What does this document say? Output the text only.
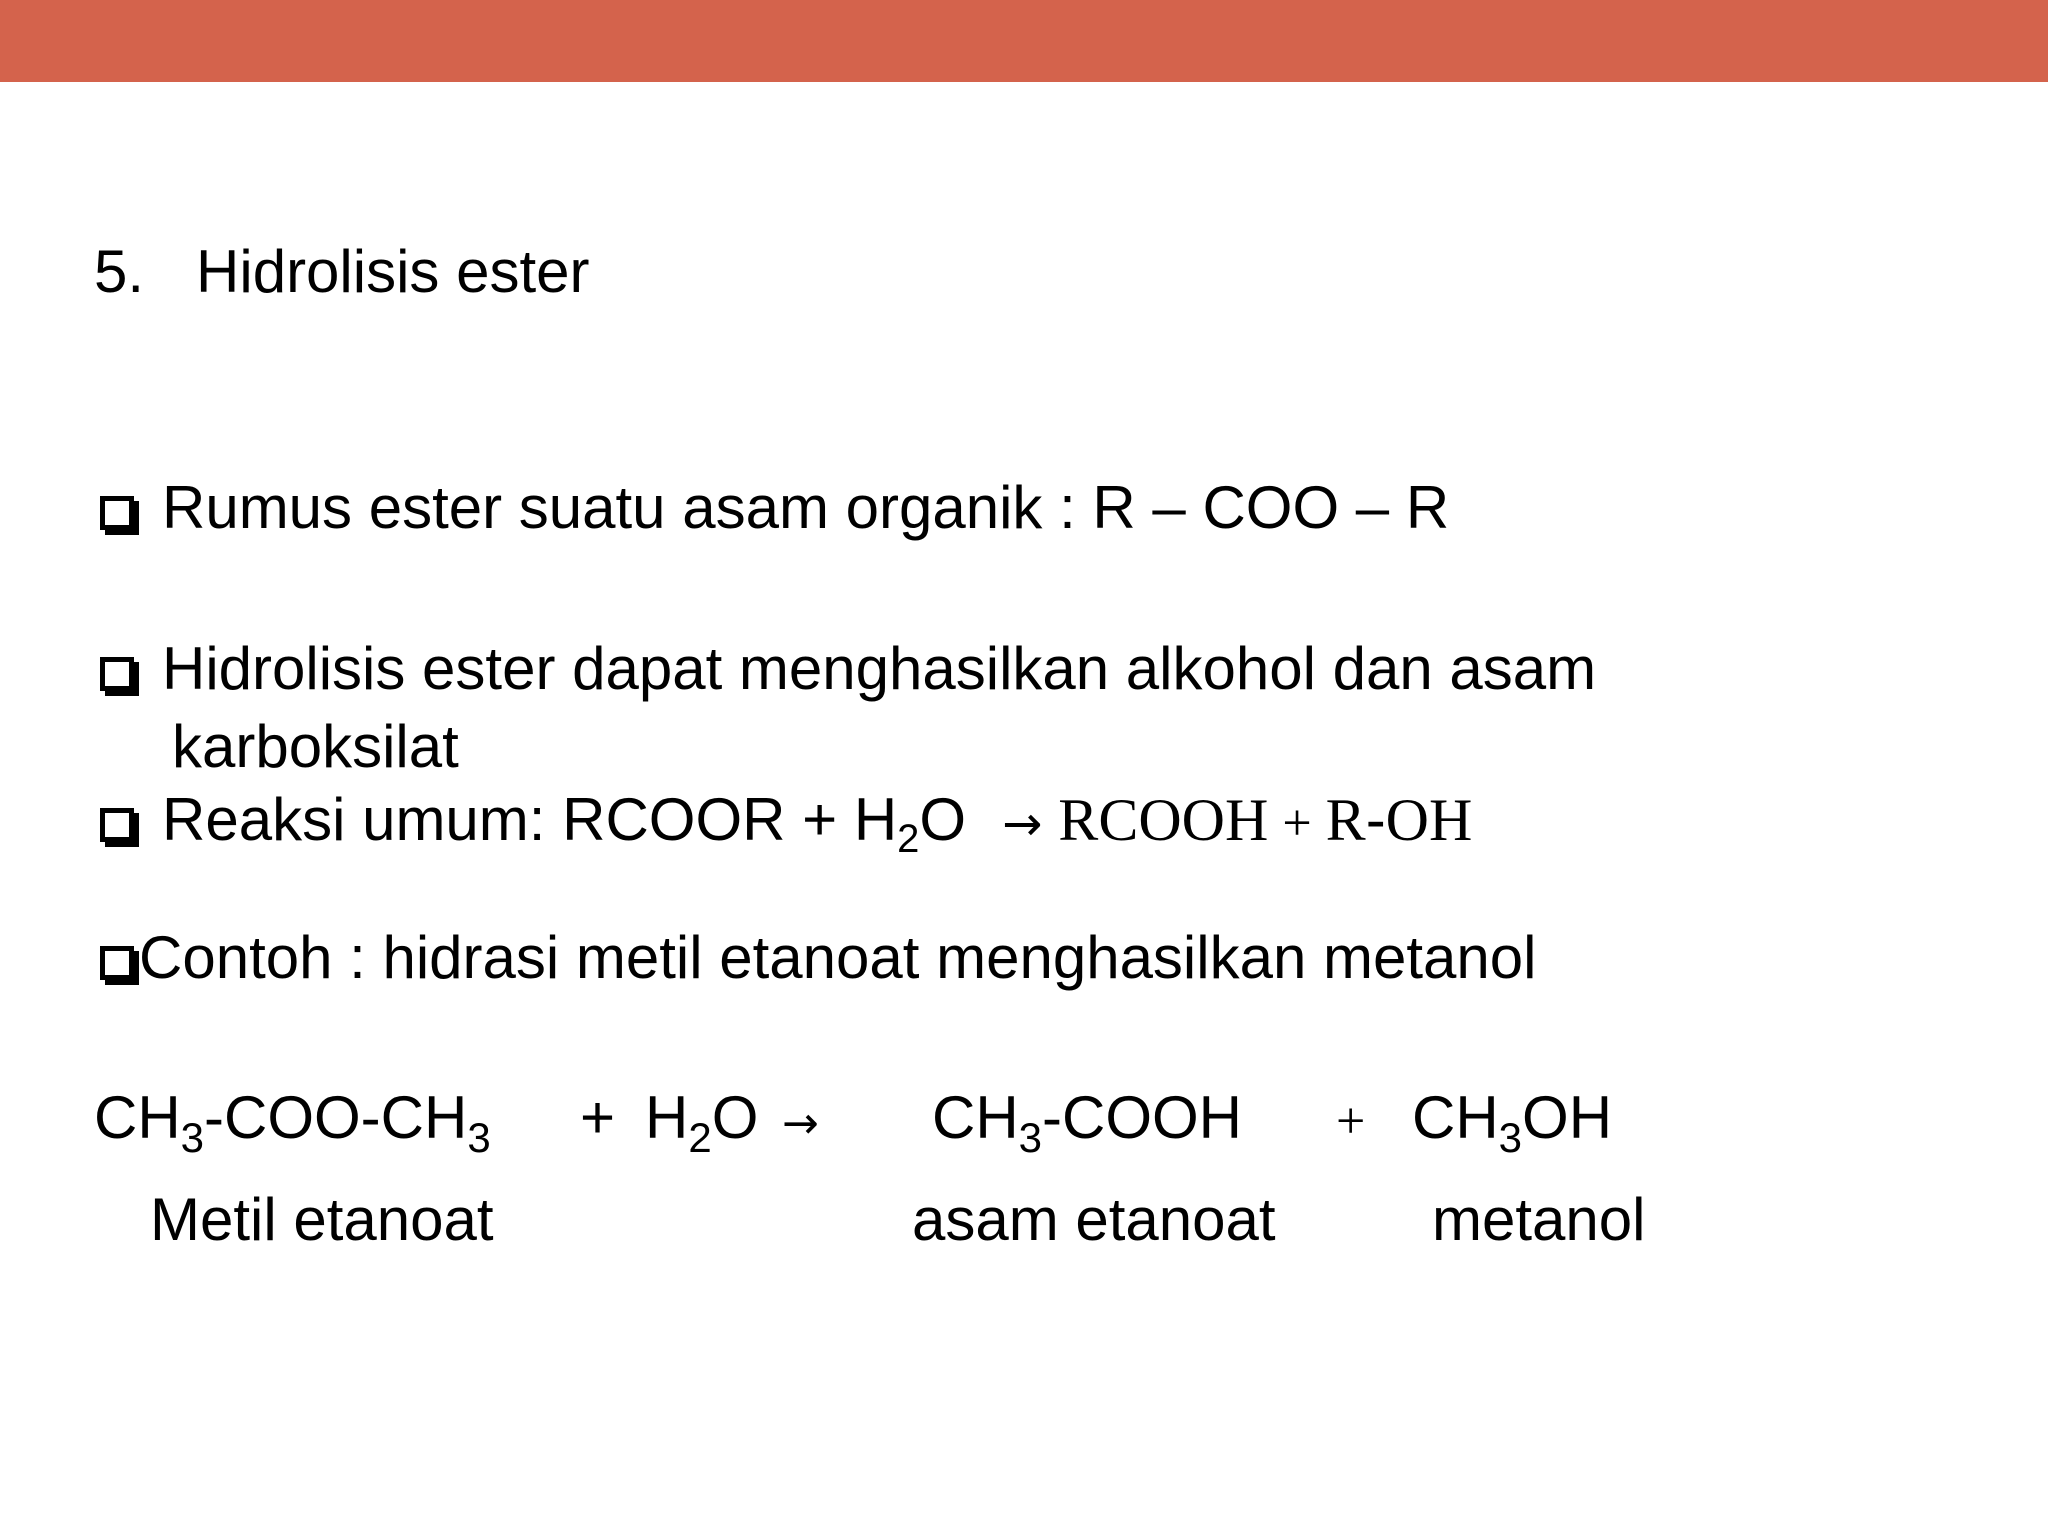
5. Hidrolisis ester
Rumus ester suatu asam organik : R – COO – R
Hidrolisis ester dapat menghasilkan alkohol dan asam
karboksilat
Reaksi umum: RCOOR + $H_2O$ → RCOOH + R-OH
Contoh : hidrasi metil etanoat menghasilkan metanol
$CH_3-COO-CH_3 + H_2O$ → $CH_3$-COOH + $CH_3OH$
Metil etanoat	asam etanoat	metanol
